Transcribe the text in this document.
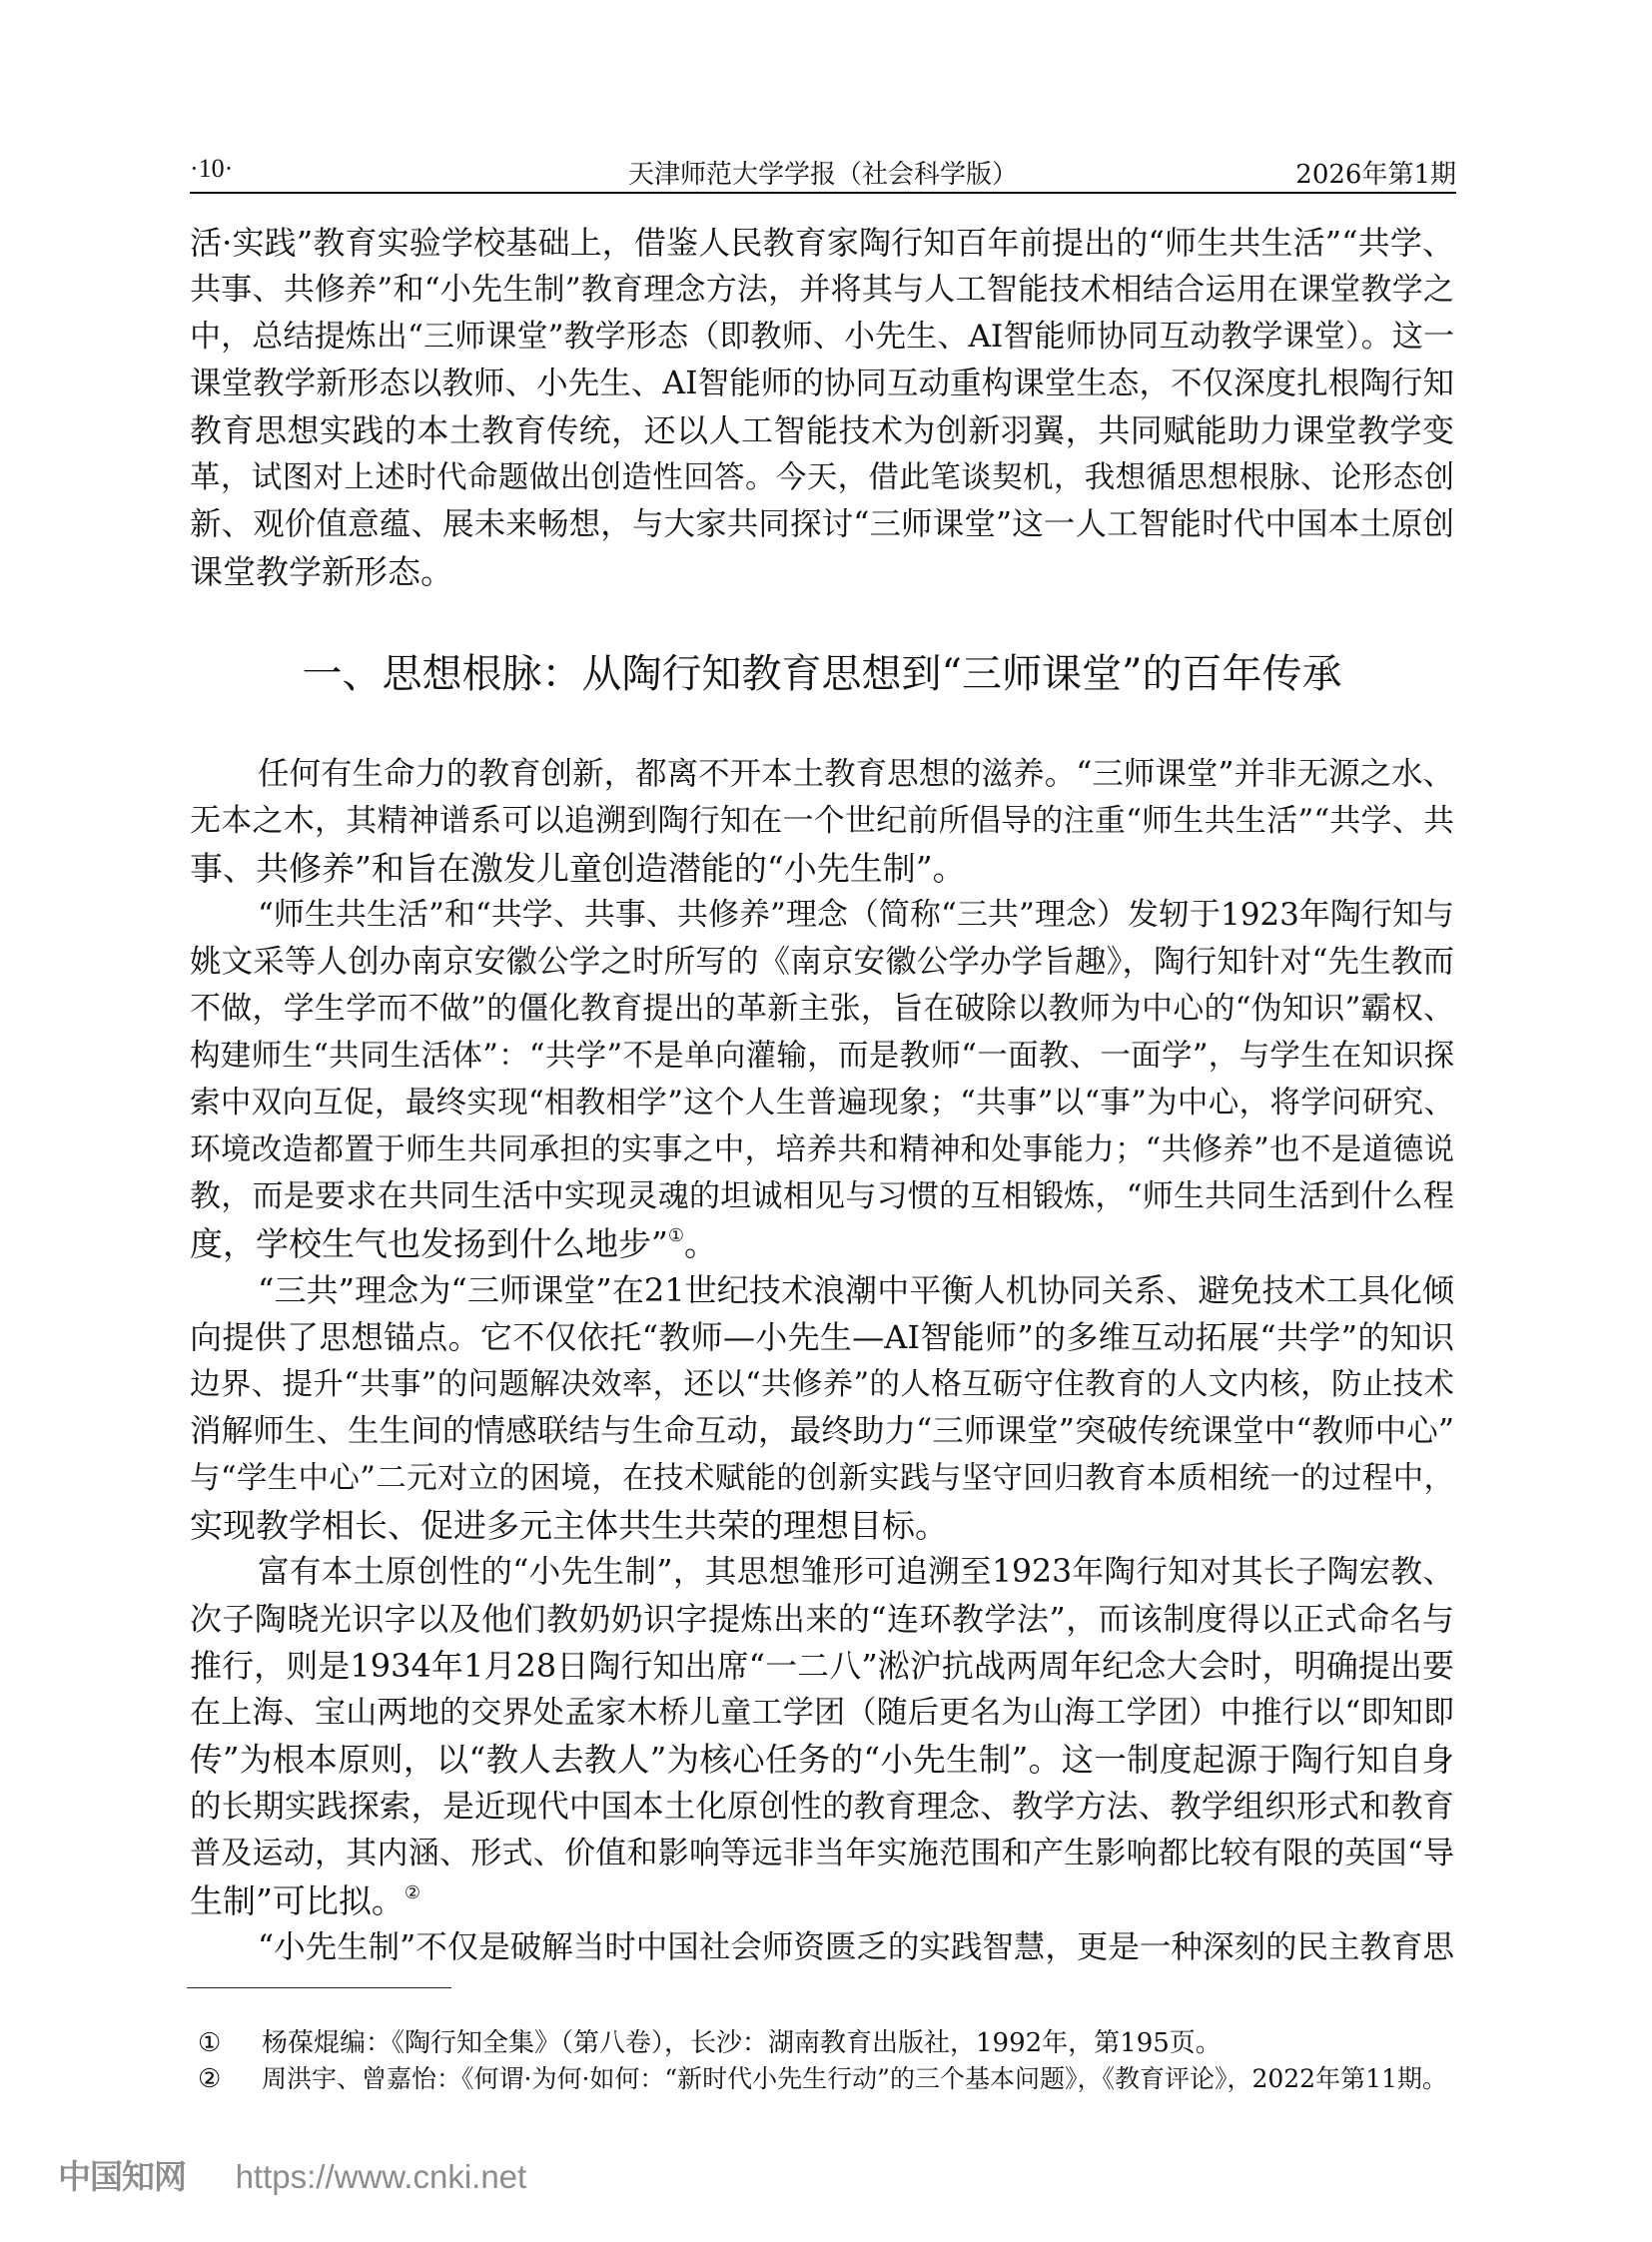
·10·	天津师范大学学报（社会科学版）	2026年第1期
活·实践”教育实验学校基础上，借鉴人民教育家陶行知百年前提出的“师生共生活”“共学、
共事、共修养”和“小先生制”教育理念方法，并将其与人工智能技术相结合运用在课堂教学之
中，总结提炼出“三师课堂”教学形态（即教师、小先生、AI智能师协同互动教学课堂）。这一
课堂教学新形态以教师、小先生、AI智能师的协同互动重构课堂生态，不仅深度扎根陶行知
教育思想实践的本土教育传统，还以人工智能技术为创新羽翼，共同赋能助力课堂教学变
革，试图对上述时代命题做出创造性回答。今天，借此笔谈契机，我想循思想根脉、论形态创
新、观价值意蕴、展未来畅想，与大家共同探讨“三师课堂”这一人工智能时代中国本土原创
课堂教学新形态。
一、思想根脉：从陶行知教育思想到“三师课堂”的百年传承
任何有生命力的教育创新，都离不开本土教育思想的滋养。“三师课堂”并非无源之水、
无本之木，其精神谱系可以追溯到陶行知在一个世纪前所倡导的注重“师生共生活”“共学、共
事、共修养”和旨在激发儿童创造潜能的“小先生制”。
“师生共生活”和“共学、共事、共修养”理念（简称“三共”理念）发轫于1923年陶行知与
姚文采等人创办南京安徽公学之时所写的《南京安徽公学办学旨趣》，陶行知针对“先生教而
不做，学生学而不做”的僵化教育提出的革新主张，旨在破除以教师为中心的“伪知识”霸权、
构建师生“共同生活体”：“共学”不是单向灌输，而是教师“一面教、一面学”，与学生在知识探
索中双向互促，最终实现“相教相学”这个人生普遍现象；“共事”以“事”为中心，将学问研究、
环境改造都置于师生共同承担的实事之中，培养共和精神和处事能力；“共修养”也不是道德说
教，而是要求在共同生活中实现灵魂的坦诚相见与习惯的互相锻炼，“师生共同生活到什么程
度，学校生气也发扬到什么地步”①。
“三共”理念为“三师课堂”在21世纪技术浪潮中平衡人机协同关系、避免技术工具化倾
向提供了思想锚点。它不仅依托“教师—小先生—AI智能师”的多维互动拓展“共学”的知识
边界、提升“共事”的问题解决效率，还以“共修养”的人格互砺守住教育的人文内核，防止技术
消解师生、生生间的情感联结与生命互动，最终助力“三师课堂”突破传统课堂中“教师中心”
与“学生中心”二元对立的困境，在技术赋能的创新实践与坚守回归教育本质相统一的过程中，
实现教学相长、促进多元主体共生共荣的理想目标。
富有本土原创性的“小先生制”，其思想雏形可追溯至1923年陶行知对其长子陶宏教、
次子陶晓光识字以及他们教奶奶识字提炼出来的“连环教学法”，而该制度得以正式命名与
推行，则是1934年1月28日陶行知出席“一二八”淞沪抗战两周年纪念大会时，明确提出要
在上海、宝山两地的交界处孟家木桥儿童工学团（随后更名为山海工学团）中推行以“即知即
传”为根本原则，以“教人去教人”为核心任务的“小先生制”。这一制度起源于陶行知自身
的长期实践探索，是近现代中国本土化原创性的教育理念、教学方法、教学组织形式和教育
普及运动，其内涵、形式、价值和影响等远非当年实施范围和产生影响都比较有限的英国“导
生制”可比拟。②
“小先生制”不仅是破解当时中国社会师资匮乏的实践智慧，更是一种深刻的民主教育思
① 杨葆焜编：《陶行知全集》（第八卷），长沙：湖南教育出版社，1992年，第195页。
② 周洪宇、曾嘉怡：《何谓·为何·如何：“新时代小先生行动”的三个基本问题》，《教育评论》，2022年第11期。
中国知网 https://www.cnki.net
